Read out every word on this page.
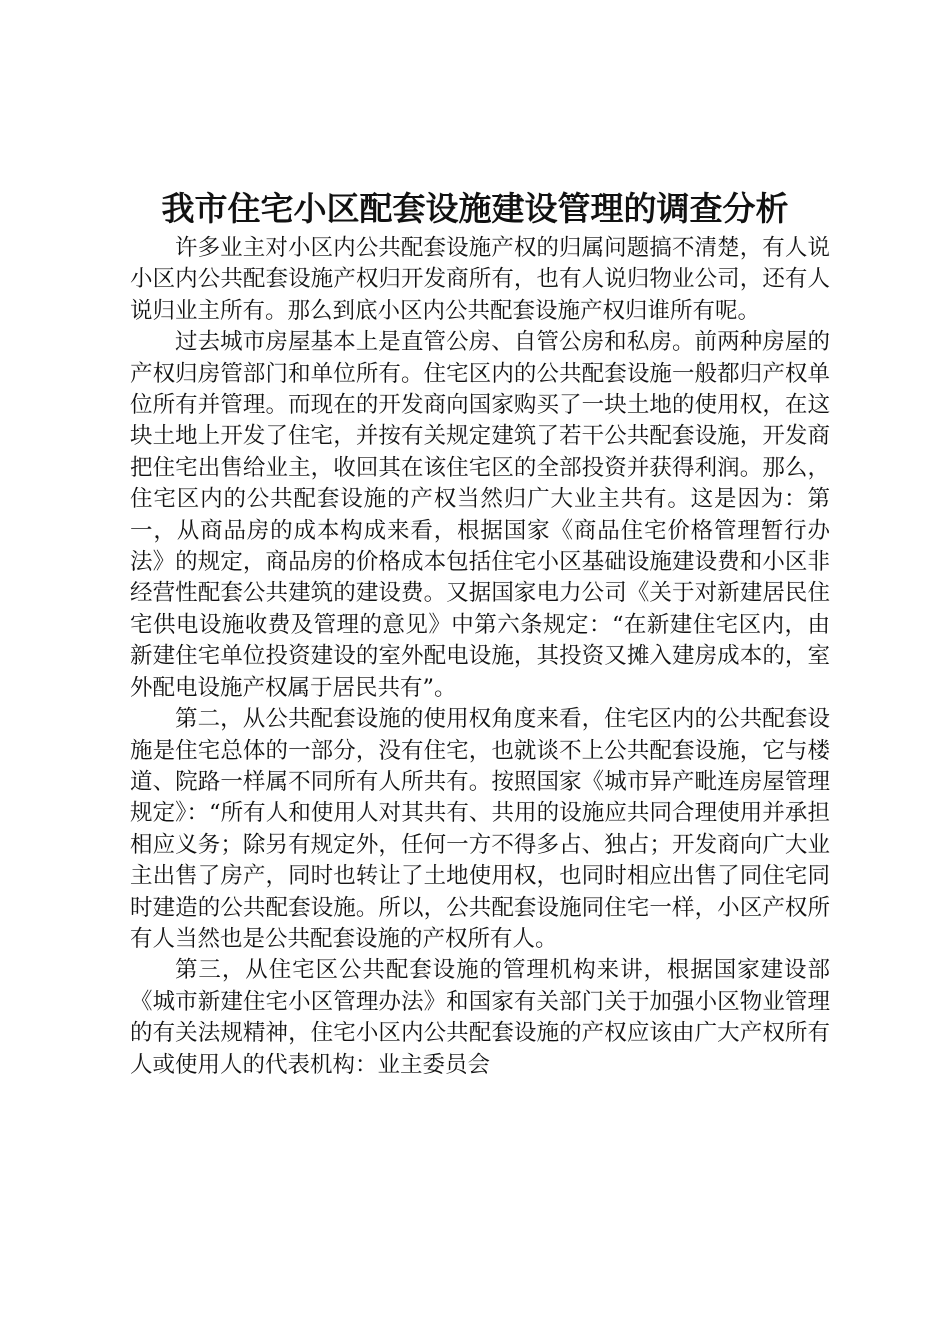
我市住宅小区配套设施建设管理的调查分析

许多业主对小区内公共配套设施产权的归属问题搞不清楚，有人说小区内公共配套设施产权归开发商所有，也有人说归物业公司，还有人说归业主所有。那么到底小区内公共配套设施产权归谁所有呢。

过去城市房屋基本上是直管公房、自管公房和私房。前两种房屋的产权归房管部门和单位所有。住宅区内的公共配套设施一般都归产权单位所有并管理。而现在的开发商向国家购买了一块土地的使用权，在这块土地上开发了住宅，并按有关规定建筑了若干公共配套设施，开发商把住宅出售给业主，收回其在该住宅区的全部投资并获得利润。那么，住宅区内的公共配套设施的产权当然归广大业主共有。这是因为：第一，从商品房的成本构成来看，根据国家《商品住宅价格管理暂行办法》的规定，商品房的价格成本包括住宅小区基础设施建设费和小区非经营性配套公共建筑的建设费。又据国家电力公司《关于对新建居民住宅供电设施收费及管理的意见》中第六条规定：“在新建住宅区内，由新建住宅单位投资建设的室外配电设施，其投资又摊入建房成本的，室外配电设施产权属于居民共有”。

第二，从公共配套设施的使用权角度来看，住宅区内的公共配套设施是住宅总体的一部分，没有住宅，也就谈不上公共配套设施，它与楼道、院路一样属不同所有人所共有。按照国家《城市异产毗连房屋管理规定》：“所有人和使用人对其共有、共用的设施应共同合理使用并承担相应义务；除另有规定外，任何一方不得多占、独占；开发商向广大业主出售了房产，同时也转让了土地使用权，也同时相应出售了同住宅同时建造的公共配套设施。所以，公共配套设施同住宅一样，小区产权所有人当然也是公共配套设施的产权所有人。

第三，从住宅区公共配套设施的管理机构来讲，根据国家建设部《城市新建住宅小区管理办法》和国家有关部门关于加强小区物业管理的有关法规精神，住宅小区内公共配套设施的产权应该由广大产权所有人或使用人的代表机构：业主委员会
